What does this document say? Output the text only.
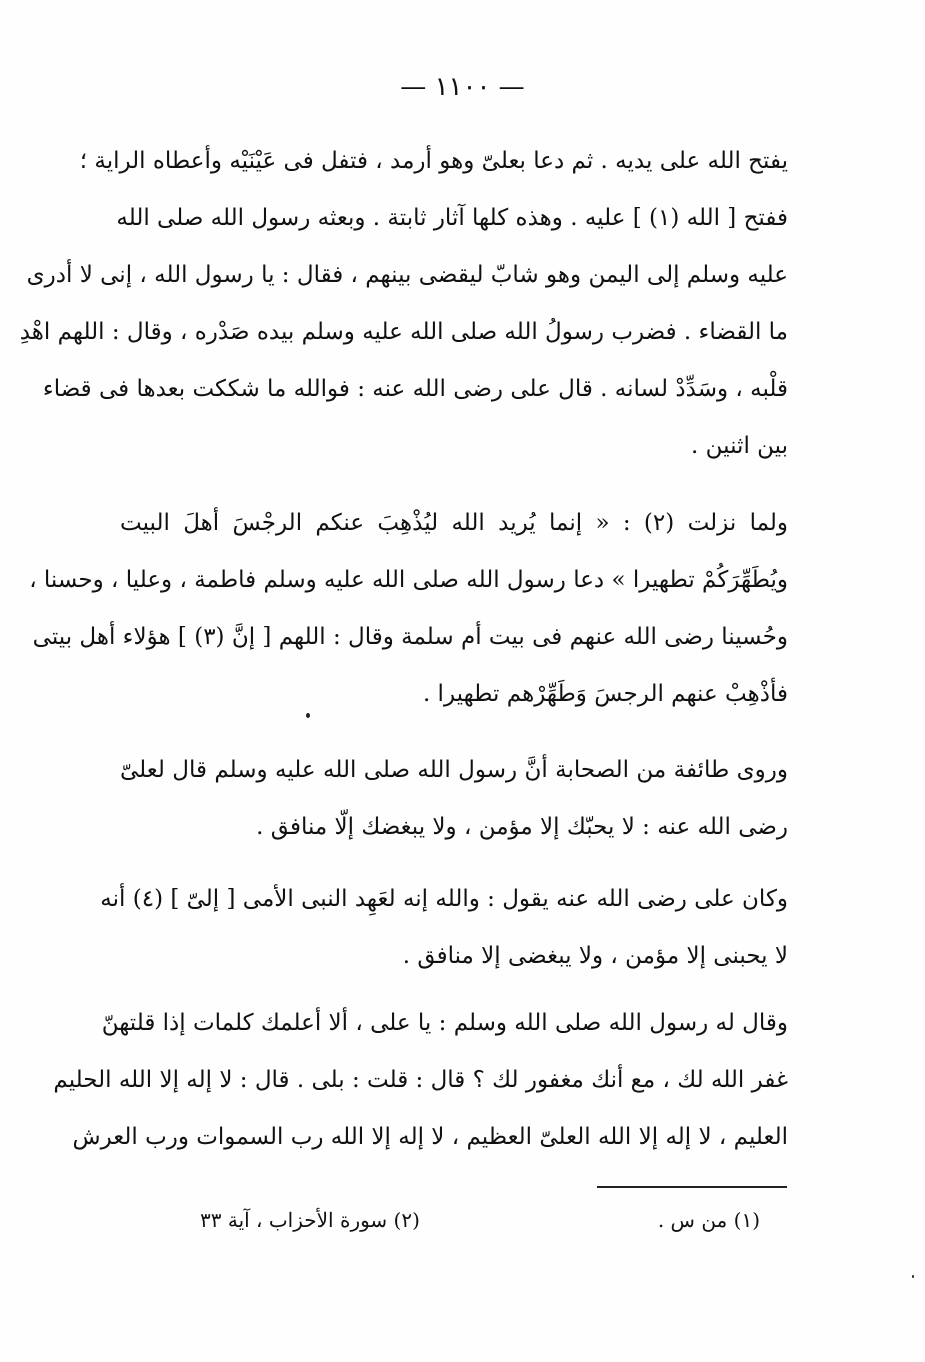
— ١١٠٠ —
يفتح الله على يديه . ثم دعا بعلىّ وهو أرمد ، فتفل فى عَيْنَيْه وأعطاه الراية ؛
ففتح [ الله (١) ] عليه . وهذه كلها آثار ثابتة . وبعثه رسول الله صلى الله
عليه وسلم إلى اليمن وهو شابّ ليقضى بينهم ، فقال : يا رسول الله ، إنى لا أدرى
ما القضاء . فضرب رسولُ الله صلى الله عليه وسلم بيده صَدْره ، وقال : اللهم اهْدِ
قلْبه ، وسَدِّدْ لسانه . قال على رضى الله عنه : فوالله ما شككت بعدها فى قضاء
بين اثنين .
ولما نزلت (٢) : « إنما يُريد الله ليُذْهِبَ عنكم الرجْسَ أهلَ البيت
ويُطَهِّرَكُمْ تطهيرا » دعا رسول الله صلى الله عليه وسلم فاطمة ، وعليا ، وحسنا ،
وحُسينا رضى الله عنهم فى بيت أم سلمة وقال : اللهم [ إنَّ (٣) ] هؤلاء أهل بيتى
فأذْهِبْ عنهم الرجسَ وَطَهِّرْهم تطهيرا .
وروى طائفة من الصحابة أنَّ رسول الله صلى الله عليه وسلم قال لعلىّ
رضى الله عنه : لا يحبّك إلا مؤمن ، ولا يبغضك إلّا منافق .
وكان على رضى الله عنه يقول : والله إنه لعَهِد النبى الأمى [ إلىّ ] (٤) أنه
لا يحبنى إلا مؤمن ، ولا يبغضى إلا منافق .
وقال له رسول الله صلى الله وسلم : يا على ، ألا أعلمك كلمات إذا قلتهنّ
غفر الله لك ، مع أنك مغفور لك ؟ قال : قلت : بلى . قال : لا إله إلا الله الحليم
العليم ، لا إله إلا الله العلىّ العظيم ، لا إله إلا الله رب السموات ورب العرش
(١) من س .
(٢) سورة الأحزاب ، آية ٣٣
